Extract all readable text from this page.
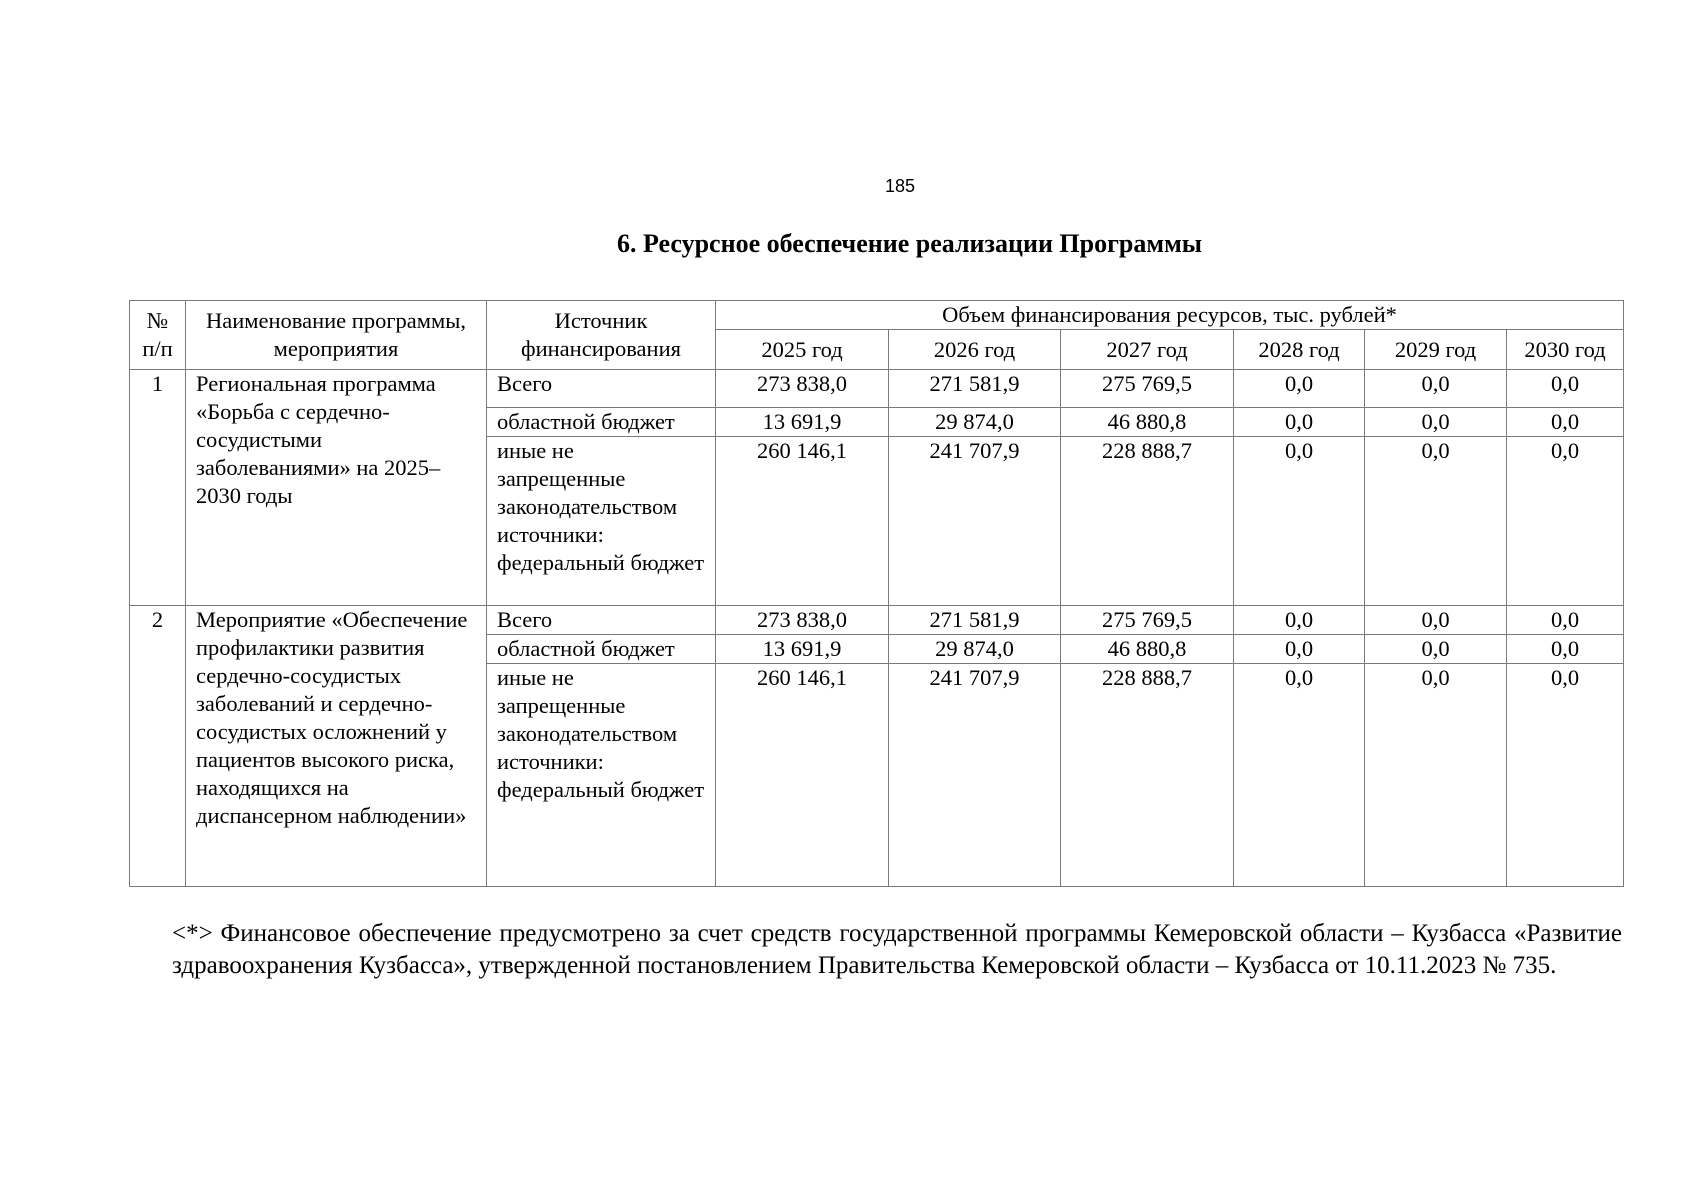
185
6. Ресурсное обеспечение реализации Программы
№ п/п	Наименование программы, мероприятия	Источник финансирования	Объем финансирования ресурсов, тыс. рублей*					
			2025 год	2026 год	2027 год	2028 год	2029 год	2030 год
1	Региональная программа «Борьба с сердечно-сосудистыми заболеваниями» на 2025–2030 годы	Всего	273 838,0	271 581,9	275 769,5	0,0	0,0	0,0
		областной бюджет	13 691,9	29 874,0	46 880,8	0,0	0,0	0,0
		иные не запрещенные законодательством источники: федеральный бюджет	260 146,1	241 707,9	228 888,7	0,0	0,0	0,0
2	Мероприятие «Обеспечение профилактики развития сердечно-сосудистых заболеваний и сердечно-сосудистых осложнений у пациентов высокого риска, находящихся на диспансерном наблюдении»	Всего	273 838,0	271 581,9	275 769,5	0,0	0,0	0,0
		областной бюджет	13 691,9	29 874,0	46 880,8	0,0	0,0	0,0
		иные не запрещенные законодательством источники: федеральный бюджет	260 146,1	241 707,9	228 888,7	0,0	0,0	0,0
<*> Финансовое обеспечение предусмотрено за счет средств государственной программы Кемеровской области – Кузбасса «Развитие здравоохранения Кузбасса», утвержденной постановлением Правительства Кемеровской области – Кузбасса от 10.11.2023 № 735.
